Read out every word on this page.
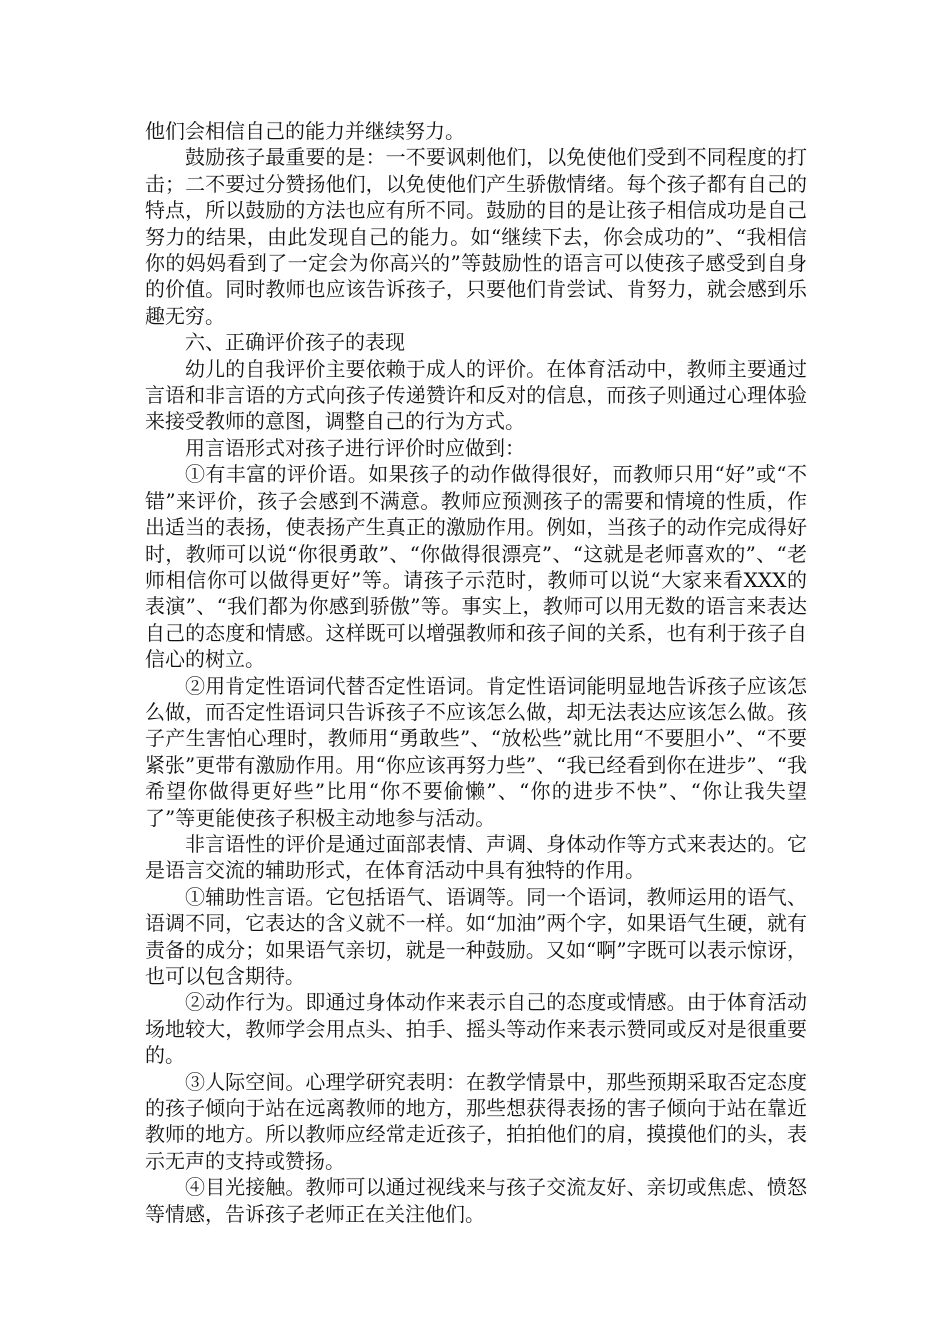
他们会相信自己的能力并继续努力。

鼓励孩子最重要的是：一不要讽刺他们，以免使他们受到不同程度的打击；二不要过分赞扬他们，以免使他们产生骄傲情绪。每个孩子都有自己的特点，所以鼓励的方法也应有所不同。鼓励的目的是让孩子相信成功是自己努力的结果，由此发现自己的能力。如“继续下去，你会成功的”、“我相信你的妈妈看到了一定会为你高兴的”等鼓励性的语言可以使孩子感受到自身的价值。同时教师也应该告诉孩子，只要他们肯尝试、肯努力，就会感到乐趣无穷。

六、正确评价孩子的表现

幼儿的自我评价主要依赖于成人的评价。在体育活动中，教师主要通过言语和非言语的方式向孩子传递赞许和反对的信息，而孩子则通过心理体验来接受教师的意图，调整自己的行为方式。

用言语形式对孩子进行评价时应做到：

①有丰富的评价语。如果孩子的动作做得很好，而教师只用“好”或“不错”来评价，孩子会感到不满意。教师应预测孩子的需要和情境的性质，作出适当的表扬，使表扬产生真正的激励作用。例如，当孩子的动作完成得好时，教师可以说“你很勇敢”、“你做得很漂亮”、“这就是老师喜欢的”、“老师相信你可以做得更好”等。请孩子示范时，教师可以说“大家来看XXX的表演”、“我们都为你感到骄傲”等。事实上，教师可以用无数的语言来表达自己的态度和情感。这样既可以增强教师和孩子间的关系，也有利于孩子自信心的树立。

②用肯定性语词代替否定性语词。肯定性语词能明显地告诉孩子应该怎么做，而否定性语词只告诉孩子不应该怎么做，却无法表达应该怎么做。孩子产生害怕心理时，教师用“勇敢些”、“放松些”就比用“不要胆小”、“不要紧张”更带有激励作用。用“你应该再努力些”、“我已经看到你在进步”、“我希望你做得更好些”比用“你不要偷懒”、“你的进步不快”、“你让我失望了”等更能使孩子积极主动地参与活动。

非言语性的评价是通过面部表情、声调、身体动作等方式来表达的。它是语言交流的辅助形式，在体育活动中具有独特的作用。

①辅助性言语。它包括语气、语调等。同一个语词，教师运用的语气、语调不同，它表达的含义就不一样。如“加油”两个字，如果语气生硬，就有责备的成分；如果语气亲切，就是一种鼓励。又如“啊”字既可以表示惊讶，也可以包含期待。

②动作行为。即通过身体动作来表示自己的态度或情感。由于体育活动场地较大，教师学会用点头、拍手、摇头等动作来表示赞同或反对是很重要的。

③人际空间。心理学研究表明：在教学情景中，那些预期采取否定态度的孩子倾向于站在远离教师的地方，那些想获得表扬的害子倾向于站在靠近教师的地方。所以教师应经常走近孩子，拍拍他们的肩，摸摸他们的头，表示无声的支持或赞扬。

④目光接触。教师可以通过视线来与孩子交流友好、亲切或焦虑、愤怒等情感，告诉孩子老师正在关注他们。
